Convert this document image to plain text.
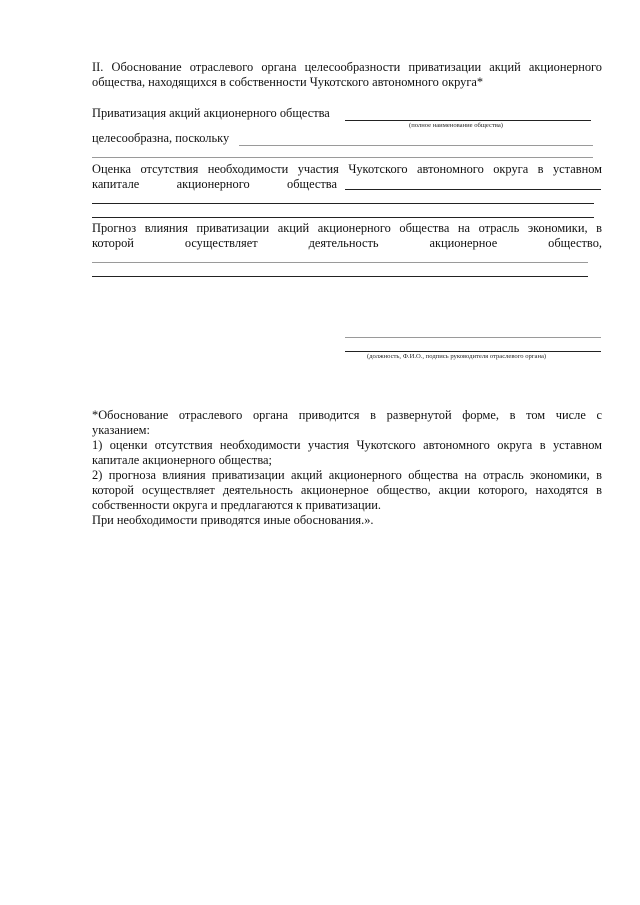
II. Обоснование отраслевого органа целесообразности приватизации акций акционерного
общества, находящихся в собственности Чукотского автономного округа*
Приватизация акций акционерного общества
(полное наименование общества)
целесообразна, поскольку
Оценка отсутствия необходимости участия Чукотского автономного округа в уставном
капитале	акционерного	общества
Прогноз влияния приватизации акций акционерного общества на отрасль экономики, в
которой	осуществляет	деятельность	акционерное	общество,
(должность, Ф.И.О., подпись руководителя отраслевого органа)
*Обоснование отраслевого органа приводится в развернутой форме, в том числе с
указанием:
1) оценки отсутствия необходимости участия Чукотского автономного округа в уставном
капитале акционерного общества;
2) прогноза влияния приватизации акций акционерного общества на отрасль экономики, в
которой осуществляет деятельность акционерное общество, акции которого, находятся в
собственности округа и предлагаются к приватизации.
При необходимости приводятся иные обоснования.».
